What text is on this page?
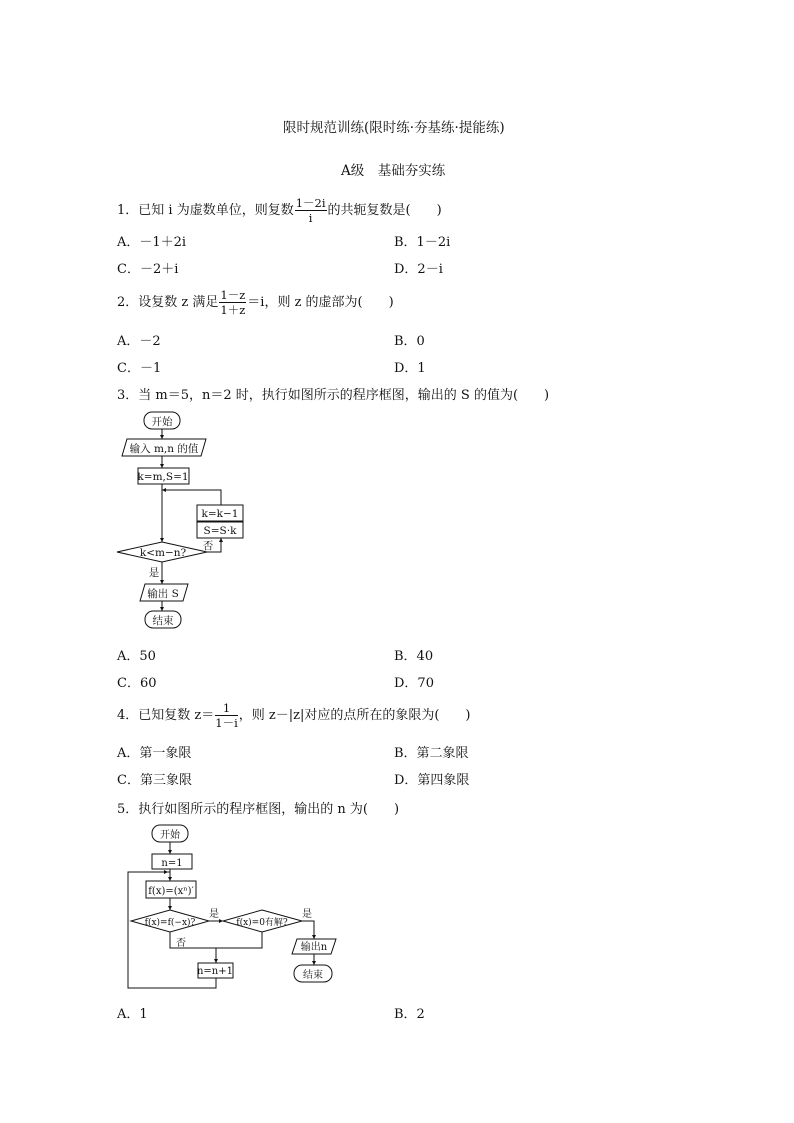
限时规范训练(限时练·夯基练·提能练)
A级　基础夯实练
1．已知 i 为虚数单位，则复数 $\frac{1-2i}{i}$ 的共轭复数是(　　)
A．－1＋2i	B．1－2i
C．－2＋i	D．2－i
2．设复数 z 满足 $\frac{1-z}{1+z} =i$，则 z 的虚部为(　　)
A．－2	B．0
C．－1	D．1
3．当 m＝5，n＝2 时，执行如图所示的程序框图，输出的 S 的值为(　　)
开始
输入 m,n 的值
k=m,S=1
k=k−1
S=S·k
k<m−n?
否
是
输出 S
结束
A．50	B．40
C．60	D．70
4．已知复数 $z= \frac{1}{1-i}$ ，则 z－|z|对应的点所在的象限为(　　)
A．第一象限	B．第二象限
C．第三象限	D．第四象限
5．执行如图所示的程序框图，输出的 n 为(　　)
开始
n=1
f(x)=(xⁿ)′
f(x)=f(−x)?
是
f(x)=0有解?
是
否	输出n
n=n+1	结束
A．1	B．2
